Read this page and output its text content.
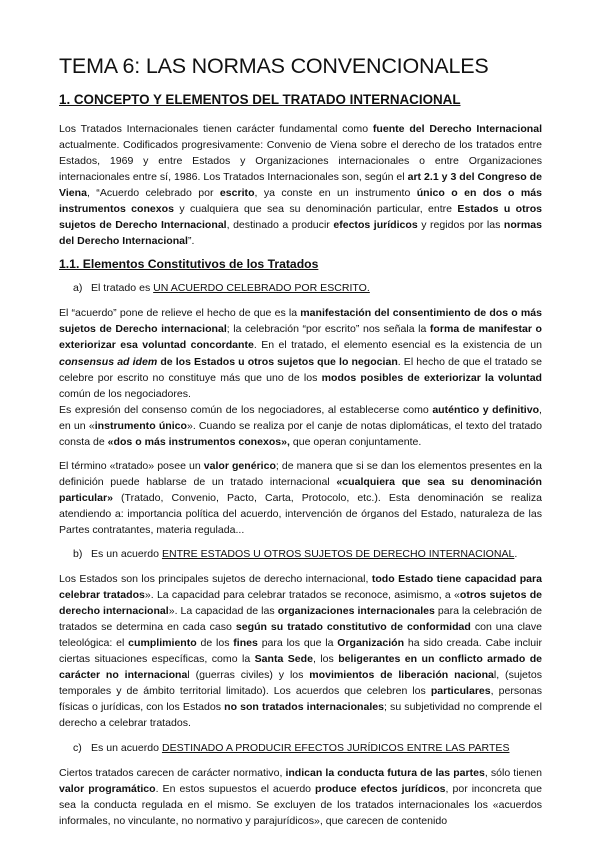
TEMA 6: LAS NORMAS CONVENCIONALES
1. CONCEPTO Y ELEMENTOS DEL TRATADO INTERNACIONAL

Los Tratados Internacionales tienen carácter fundamental como fuente del Derecho Internacional actualmente. Codificados progresivamente: Convenio de Viena sobre el derecho de los tratados entre Estados, 1969 y entre Estados y Organizaciones internacionales o entre Organizaciones internacionales entre sí, 1986. Los Tratados Internacionales son, según el art 2.1 y 3 del Congreso de Viena, “Acuerdo celebrado por escrito, ya conste en un instrumento único o en dos o más instrumentos conexos y cualquiera que sea su denominación particular, entre Estados u otros sujetos de Derecho Internacional, destinado a producir efectos jurídicos y regidos por las normas del Derecho Internacional”.

1.1. Elementos Constitutivos de los Tratados
a) El tratado es UN ACUERDO CELEBRADO POR ESCRITO.

El “acuerdo” pone de relieve el hecho de que es la manifestación del consentimiento de dos o más sujetos de Derecho internacional; la celebración “por escrito” nos señala la forma de manifestar o exteriorizar esa voluntad concordante. En el tratado, el elemento esencial es la existencia de un consensus ad idem de los Estados u otros sujetos que lo negocian. El hecho de que el tratado se celebre por escrito no constituye más que uno de los modos posibles de exteriorizar la voluntad común de los negociadores.

Es expresión del consenso común de los negociadores, al establecerse como auténtico y definitivo, en un «instrumento único». Cuando se realiza por el canje de notas diplomáticas, el texto del tratado consta de «dos o más instrumentos conexos», que operan conjuntamente.

El término «tratado» posee un valor genérico; de manera que si se dan los elementos presentes en la definición puede hablarse de un tratado internacional «cualquiera que sea su denominación particular» (Tratado, Convenio, Pacto, Carta, Protocolo, etc.). Esta denominación se realiza atendiendo a: importancia política del acuerdo, intervención de órganos del Estado, naturaleza de las Partes contratantes, materia regulada...

b) Es un acuerdo ENTRE ESTADOS U OTROS SUJETOS DE DERECHO INTERNACIONAL.

Los Estados son los principales sujetos de derecho internacional, todo Estado tiene capacidad para celebrar tratados». La capacidad para celebrar tratados se reconoce, asimismo, a «otros sujetos de derecho internacional». La capacidad de las organizaciones internacionales para la celebración de tratados se determina en cada caso según su tratado constitutivo de conformidad con una clave teleológica: el cumplimiento de los fines para los que la Organización ha sido creada. Cabe incluir ciertas situaciones específicas, como la Santa Sede, los beligerantes en un conflicto armado de carácter no internacional (guerras civiles) y los movimientos de liberación nacional, (sujetos temporales y de ámbito territorial limitado). Los acuerdos que celebren los particulares, personas físicas o jurídicas, con los Estados no son tratados internacionales; su subjetividad no comprende el derecho a celebrar tratados.

c) Es un acuerdo DESTINADO A PRODUCIR EFECTOS JURÍDICOS ENTRE LAS PARTES

Ciertos tratados carecen de carácter normativo, indican la conducta futura de las partes, sólo tienen valor programático. En estos supuestos el acuerdo produce efectos jurídicos, por inconcreta que sea la conducta regulada en el mismo. Se excluyen de los tratados internacionales los «acuerdos informales, no vinculante, no normativo y parajurídicos», que carecen de contenido
